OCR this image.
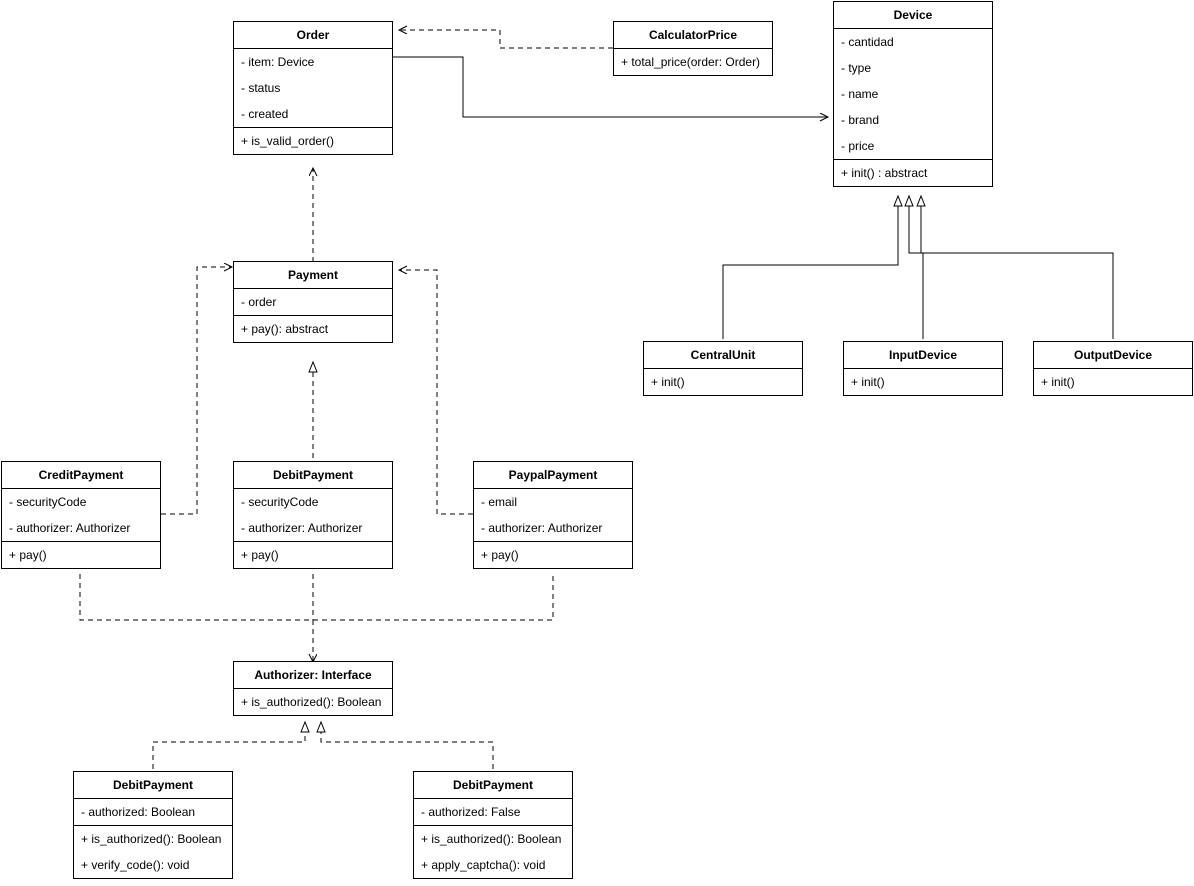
Order
- item: Device
- status
- created
+ is_valid_order()
CalculatorPrice
+ total_price(order: Order)
Device
- cantidad
- type
- name
- brand
- price
+ init() : abstract
Payment
- order
+ pay(): abstract
CentralUnit
+ init()
InputDevice
+ init()
OutputDevice
+ init()
CreditPayment
- securityCode
- authorizer: Authorizer
+ pay()
DebitPayment
- securityCode
- authorizer: Authorizer
+ pay()
PaypalPayment
- email
- authorizer: Authorizer
+ pay()
Authorizer: Interface
+ is_authorized(): Boolean
DebitPayment
- authorized: Boolean
+ is_authorized(): Boolean
+ verify_code(): void
DebitPayment
- authorized: False
+ is_authorized(): Boolean
+ apply_captcha(): void
